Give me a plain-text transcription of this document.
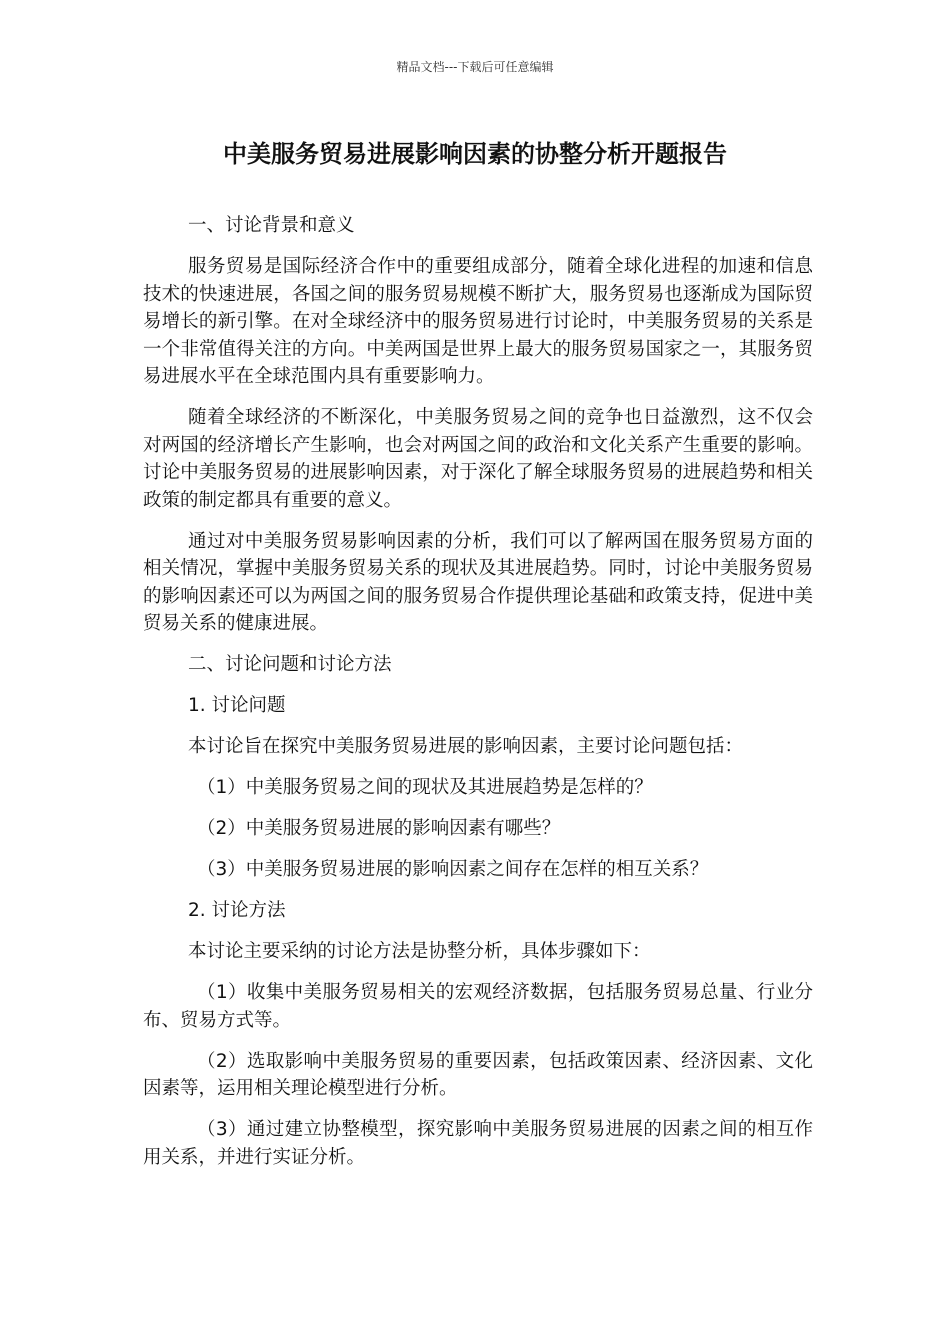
精品文档---下载后可任意编辑
中美服务贸易进展影响因素的协整分析开题报告

一、讨论背景和意义

服务贸易是国际经济合作中的重要组成部分，随着全球化进程的加速和信息技术的快速进展，各国之间的服务贸易规模不断扩大，服务贸易也逐渐成为国际贸易增长的新引擎。在对全球经济中的服务贸易进行讨论时，中美服务贸易的关系是一个非常值得关注的方向。中美两国是世界上最大的服务贸易国家之一，其服务贸易进展水平在全球范围内具有重要影响力。

随着全球经济的不断深化，中美服务贸易之间的竞争也日益激烈，这不仅会对两国的经济增长产生影响，也会对两国之间的政治和文化关系产生重要的影响。讨论中美服务贸易的进展影响因素，对于深化了解全球服务贸易的进展趋势和相关政策的制定都具有重要的意义。

通过对中美服务贸易影响因素的分析，我们可以了解两国在服务贸易方面的相关情况，掌握中美服务贸易关系的现状及其进展趋势。同时，讨论中美服务贸易的影响因素还可以为两国之间的服务贸易合作提供理论基础和政策支持，促进中美贸易关系的健康进展。

二、讨论问题和讨论方法

1. 讨论问题

本讨论旨在探究中美服务贸易进展的影响因素，主要讨论问题包括：

（1）中美服务贸易之间的现状及其进展趋势是怎样的？

（2）中美服务贸易进展的影响因素有哪些？

（3）中美服务贸易进展的影响因素之间存在怎样的相互关系？

2. 讨论方法

本讨论主要采纳的讨论方法是协整分析，具体步骤如下：

（1）收集中美服务贸易相关的宏观经济数据，包括服务贸易总量、行业分布、贸易方式等。

（2）选取影响中美服务贸易的重要因素，包括政策因素、经济因素、文化因素等，运用相关理论模型进行分析。

（3）通过建立协整模型，探究影响中美服务贸易进展的因素之间的相互作用关系，并进行实证分析。
